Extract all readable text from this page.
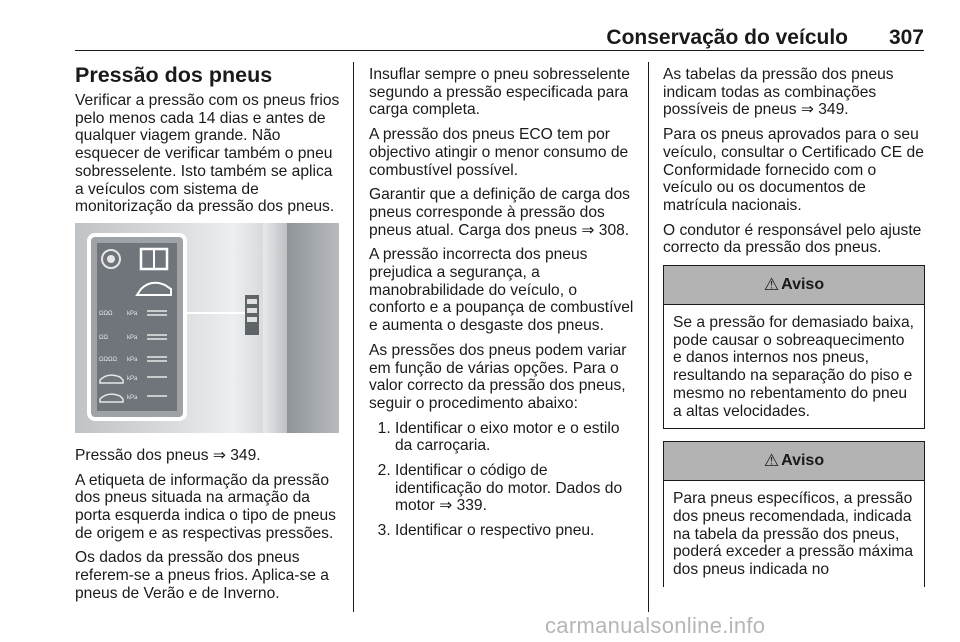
Conservação do veículo 307
Pressão dos pneus

Verificar a pressão com os pneus frios pelo menos cada 14 dias e antes de qualquer viagem grande. Não esquecer de verificar também o pneu sobresselente. Isto também se aplica a veículos com sistema de monitorização da pressão dos pneus.

ΩΩΩ kPa
ΩΩ	kPa
ΩΩΩΩ kPa
kPa
kPa

Pressão dos pneus ⇒ 349.

A etiqueta de informação da pressão dos pneus situada na armação da porta esquerda indica o tipo de pneus de origem e as respectivas pressões.

Os dados da pressão dos pneus referem-se a pneus frios. Aplica-se a pneus de Verão e de Inverno.

Insuflar sempre o pneu sobresselente segundo a pressão especificada para carga completa.

A pressão dos pneus ECO tem por objectivo atingir o menor consumo de combustível possível.

Garantir que a definição de carga dos pneus corresponde à pressão dos pneus atual. Carga dos pneus ⇒ 308.

A pressão incorrecta dos pneus prejudica a segurança, a manobrabilidade do veículo, o conforto e a poupança de combustível e aumenta o desgaste dos pneus.

As pressões dos pneus podem variar em função de várias opções. Para o valor correcto da pressão dos pneus, seguir o procedimento abaixo:

1. Identificar o eixo motor e o estilo da carroçaria.
2. Identificar o código de identificação do motor. Dados do motor ⇒ 339.
3. Identificar o respectivo pneu.

As tabelas da pressão dos pneus indicam todas as combinações possíveis de pneus ⇒ 349.

Para os pneus aprovados para o seu veículo, consultar o Certificado CE de Conformidade fornecido com o veículo ou os documentos de matrícula nacionais.

O condutor é responsável pelo ajuste correcto da pressão dos pneus.

⚠ Aviso
Se a pressão for demasiado baixa, pode causar o sobreaquecimento e danos internos nos pneus, resultando na separação do piso e mesmo no rebentamento do pneu a altas velocidades.
⚠ Aviso
Para pneus específicos, a pressão dos pneus recomendada, indicada na tabela da pressão dos pneus, poderá exceder a pressão máxima dos pneus indicada no
carmanualsonline.info
